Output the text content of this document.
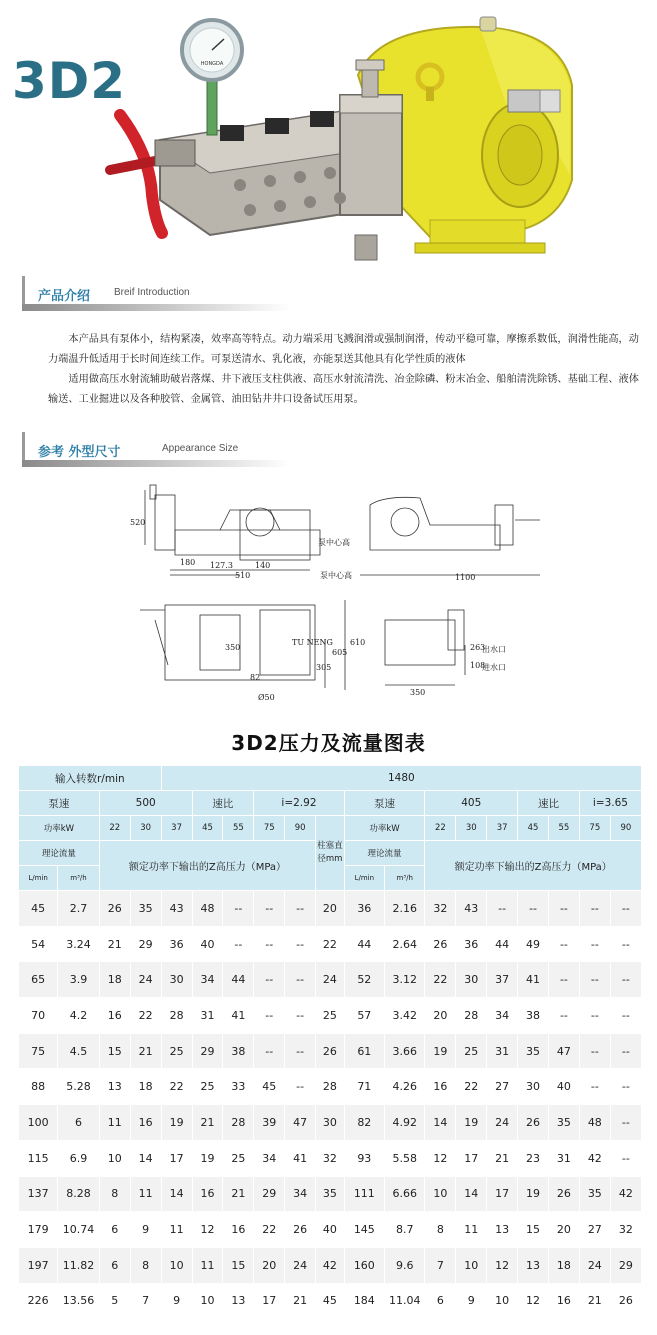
3D2	HONGDA
产品介绍 Breif Introduction

本产品具有泵体小，结构紧凑，效率高等特点。动力端采用飞溅润滑或强制润滑，传动平稳可靠，摩擦系数低，润滑性能高，动力端温升低适用于长时间连续工作。可泵送清水、乳化液，亦能泵送其他具有化学性质的液体

适用做高压水射流辅助破岩落煤、井下液压支柱供液、高压水射流清洗、冶金除磷、粉末冶金、船舶清洗除锈、基础工程、液体输送、工业掘进以及各种胶管、金属管、油田钻井井口设备试压用泵。

参考 外型尺寸	Appearance Size
520
180 127.3	140
510
泵中心高
泵中心高	1100
605
610
305
350
82
Ø50
TU NENG
263
108
出水口
进水口
350
3D2压力及流量图表
输入转数r/min				1480														
泵速		500			速比		i=2.92			泵速		405			速比		i=3.65	
功率kW		22	30	37	45	55	75	90	柱塞直径mm	功率kW		22	30	37	45	55	75	90
理论流量		额定功率下输出的Z高压力（MPa）								理论流量		额定功率下输出的Z高压力（MPa）						
L/min	m³/h									L/min	m³/h							
45	2.7	26	35	43	48	--	--	--	20	36	2.16	32	43	--	--	--	--	--
54	3.24	21	29	36	40	--	--	--	22	44	2.64	26	36	44	49	--	--	--
65	3.9	18	24	30	34	44	--	--	24	52	3.12	22	30	37	41	--	--	--
70	4.2	16	22	28	31	41	--	--	25	57	3.42	20	28	34	38	--	--	--
75	4.5	15	21	25	29	38	--	--	26	61	3.66	19	25	31	35	47	--	--
88	5.28	13	18	22	25	33	45	--	28	71	4.26	16	22	27	30	40	--	--
100	6	11	16	19	21	28	39	47	30	82	4.92	14	19	24	26	35	48	--
115	6.9	10	14	17	19	25	34	41	32	93	5.58	12	17	21	23	31	42	--
137	8.28	8	11	14	16	21	29	34	35	111	6.66	10	14	17	19	26	35	42
179	10.74	6	9	11	12	16	22	26	40	145	8.7	8	11	13	15	20	27	32
197	11.82	6	8	10	11	15	20	24	42	160	9.6	7	10	12	13	18	24	29
226	13.56	5	7	9	10	13	17	21	45	184	11.04	6	9	10	12	16	21	26
